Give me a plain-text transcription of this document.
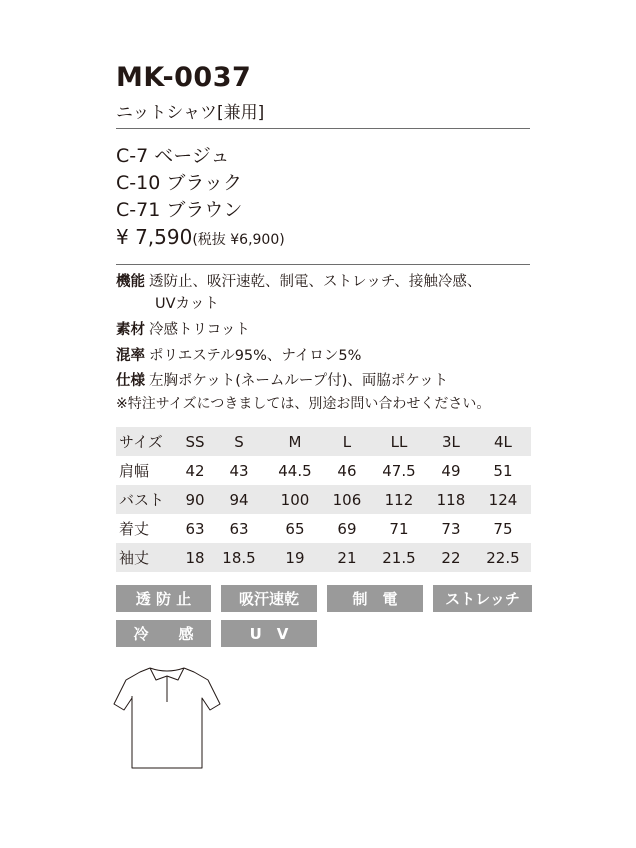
MK-0037
ニットシャツ[兼用]
C-7 ベージュ
C-10 ブラック
C-71 ブラウン
¥ 7,590(税抜 ¥6,900)
機能 透防止、吸汗速乾、制電、ストレッチ、接触冷感、
UVカット
素材 冷感トリコット
混率 ポリエステル95%、ナイロン5%
仕様 左胸ポケット(ネームループ付)、両脇ポケット
※特注サイズにつきましては、別途お問い合わせください。
サイズ	SS	S	M	L	LL	3L	4L
肩幅	42	43	44.5	46	47.5	49	51
バスト	90	94	100	106	112	118	124
着丈	63	63	65	69	71	73	75
袖丈	18	18.5	19	21	21.5	22	22.5
透 防 止	吸汗速乾	制　電	ストレッチ
冷　　感	U　V
